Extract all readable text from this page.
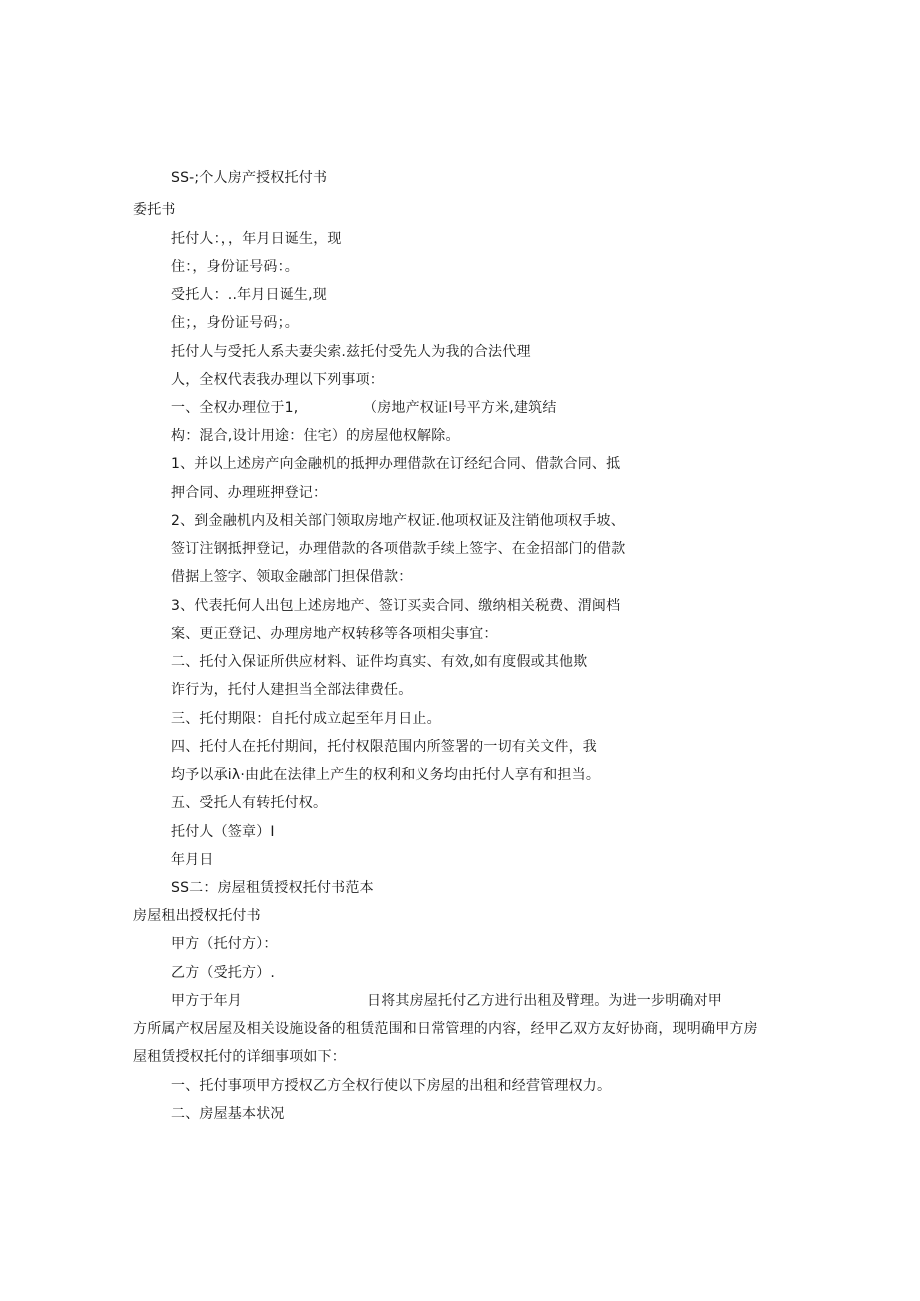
SS-;个人房产授权托付书
委托书
托付人：，，年月日诞生，现
住：，身份证号码：。
受托人：..年月日诞生,现
住；，身份证号码；。
托付人与受托人系夫妻尖索.兹托付受先人为我的合法代理
人，全权代表我办理以下列事项：
一、全权办理位于1,	（房地产权证I号平方米,建筑结
构：混合,设计用途：住宅）的房屋他权解除。
1、并以上述房产向金融机的抵押办理借款在订经纪合同、借款合同、抵
押合同、办理班押登记：
2、到金融机内及相关部门领取房地产权证.他项权证及注销他项权手坡、
签订注钢抵押登记，办理借款的各项借款手续上签字、在金招部门的借款
借据上签字、领取金融部门担保借款：
3、代表托何人出包上述房地产、签订买卖合同、缴纳相关税费、渭闽档
案、更正登记、办理房地产权转移等各项相尖事宜：
二、托付入保证所供应材料、证件均真实、有效,如有度假或其他欺
诈行为，托付人建担当全部法律费任。
三、托付期限：自托付成立起至年月日止。
四、托付人在托付期间，托付权限范围内所签署的一切有关文件，我
均予以承iλ·由此在法律上产生的权利和义务均由托付人享有和担当。
五、受托人有转托付权。
托付人（签章）I
年月日
SS二：房屋租赁授权托付书范本
房屋租出授权托付书
甲方（托付方）：
乙方（受托方）.
甲方于年月	日将其房屋托付乙方进行出租及臂理。为进一步明确对甲
方所属产权居屋及相关设施设备的租赁范围和日常管理的内容，经甲乙双方友好协商，现明确甲方房
屋租赁授权托付的详细事项如下：
一、托付事项甲方授权乙方全权行使以下房屋的出租和经营管理权力。
二、房屋基本状况
